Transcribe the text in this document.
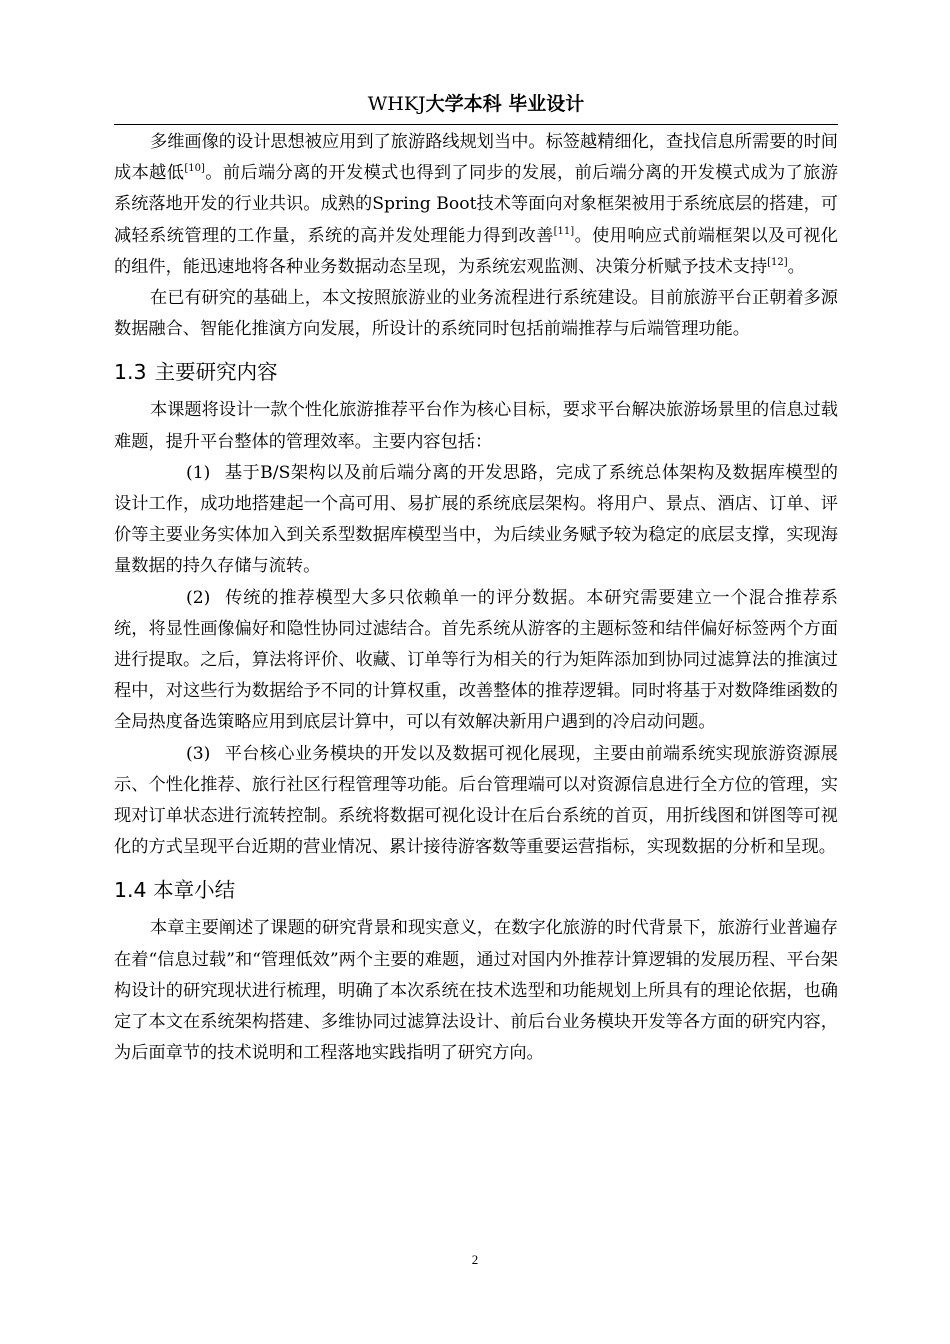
WHKJ大学本科 毕业设计

多维画像的设计思想被应用到了旅游路线规划当中。标签越精细化，查找信息所需要的时间成本越低[10]。前后端分离的开发模式也得到了同步的发展，前后端分离的开发模式成为了旅游系统落地开发的行业共识。成熟的Spring Boot技术等面向对象框架被用于系统底层的搭建，可减轻系统管理的工作量，系统的高并发处理能力得到改善[11]。使用响应式前端框架以及可视化的组件，能迅速地将各种业务数据动态呈现，为系统宏观监测、决策分析赋予技术支持[12]。

在已有研究的基础上，本文按照旅游业的业务流程进行系统建设。目前旅游平台正朝着多源数据融合、智能化推演方向发展，所设计的系统同时包括前端推荐与后端管理功能。

1.3 主要研究内容

本课题将设计一款个性化旅游推荐平台作为核心目标，要求平台解决旅游场景里的信息过载难题，提升平台整体的管理效率。主要内容包括：

(1) 基于B/S架构以及前后端分离的开发思路，完成了系统总体架构及数据库模型的设计工作，成功地搭建起一个高可用、易扩展的系统底层架构。将用户、景点、酒店、订单、评价等主要业务实体加入到关系型数据库模型当中，为后续业务赋予较为稳定的底层支撑，实现海量数据的持久存储与流转。

(2) 传统的推荐模型大多只依赖单一的评分数据。本研究需要建立一个混合推荐系统，将显性画像偏好和隐性协同过滤结合。首先系统从游客的主题标签和结伴偏好标签两个方面进行提取。之后，算法将评价、收藏、订单等行为相关的行为矩阵添加到协同过滤算法的推演过程中，对这些行为数据给予不同的计算权重，改善整体的推荐逻辑。同时将基于对数降维函数的全局热度备选策略应用到底层计算中，可以有效解决新用户遇到的冷启动问题。

(3) 平台核心业务模块的开发以及数据可视化展现，主要由前端系统实现旅游资源展示、个性化推荐、旅行社区行程管理等功能。后台管理端可以对资源信息进行全方位的管理，实现对订单状态进行流转控制。系统将数据可视化设计在后台系统的首页，用折线图和饼图等可视化的方式呈现平台近期的营业情况、累计接待游客数等重要运营指标，实现数据的分析和呈现。

1.4 本章小结

本章主要阐述了课题的研究背景和现实意义，在数字化旅游的时代背景下，旅游行业普遍存在着“信息过载”和“管理低效”两个主要的难题，通过对国内外推荐计算逻辑的发展历程、平台架构设计的研究现状进行梳理，明确了本次系统在技术选型和功能规划上所具有的理论依据，也确定了本文在系统架构搭建、多维协同过滤算法设计、前后台业务模块开发等各方面的研究内容，为后面章节的技术说明和工程落地实践指明了研究方向。

2
